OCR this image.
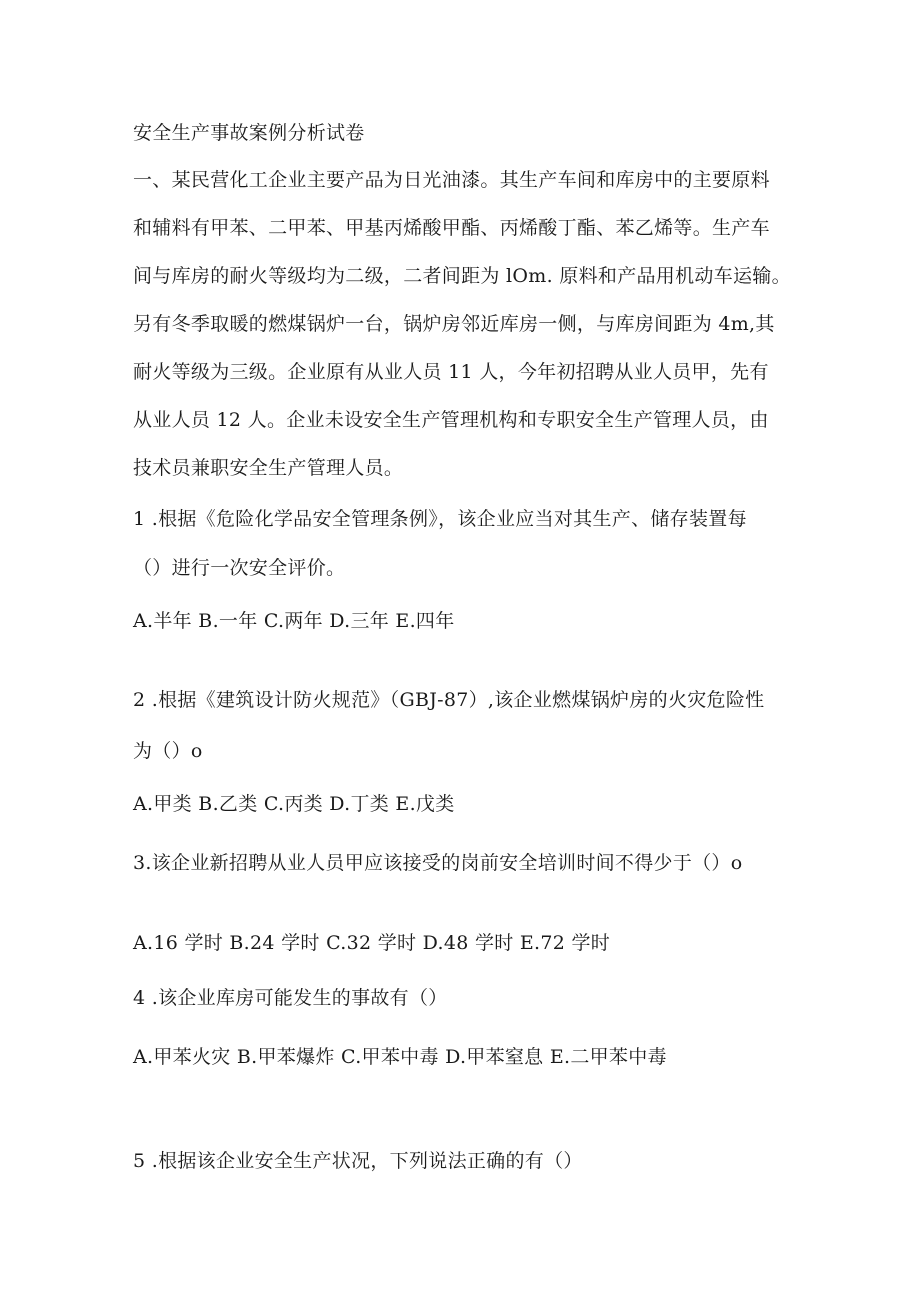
安全生产事故案例分析试卷
一、某民营化工企业主要产品为日光油漆。其生产车间和库房中的主要原料
和辅料有甲苯、二甲苯、甲基丙烯酸甲酯、丙烯酸丁酯、苯乙烯等。生产车
间与库房的耐火等级均为二级，二者间距为 lOm. 原料和产品用机动车运输。
另有冬季取暖的燃煤锅炉一台，锅炉房邻近库房一侧，与库房间距为 4m,其
耐火等级为三级。企业原有从业人员 11 人，今年初招聘从业人员甲，先有
从业人员 12 人。企业未设安全生产管理机构和专职安全生产管理人员，由
技术员兼职安全生产管理人员。
1 .根据《危险化学品安全管理条例》，该企业应当对其生产、储存装置每
（）进行一次安全评价。
A.半年 B.一年 C.两年 D.三年 E.四年
2 .根据《建筑设计防火规范》（GBJ-87）,该企业燃煤锅炉房的火灾危险性
为（）o
A.甲类 B.乙类 C.丙类 D.丁类 E.戊类
3.该企业新招聘从业人员甲应该接受的岗前安全培训时间不得少于（）o
A.16 学时 B.24 学时 C.32 学时 D.48 学时 E.72 学时
4 .该企业库房可能发生的事故有（）
A.甲苯火灾 B.甲苯爆炸 C.甲苯中毒 D.甲苯窒息 E.二甲苯中毒
5 .根据该企业安全生产状况，下列说法正确的有（）
